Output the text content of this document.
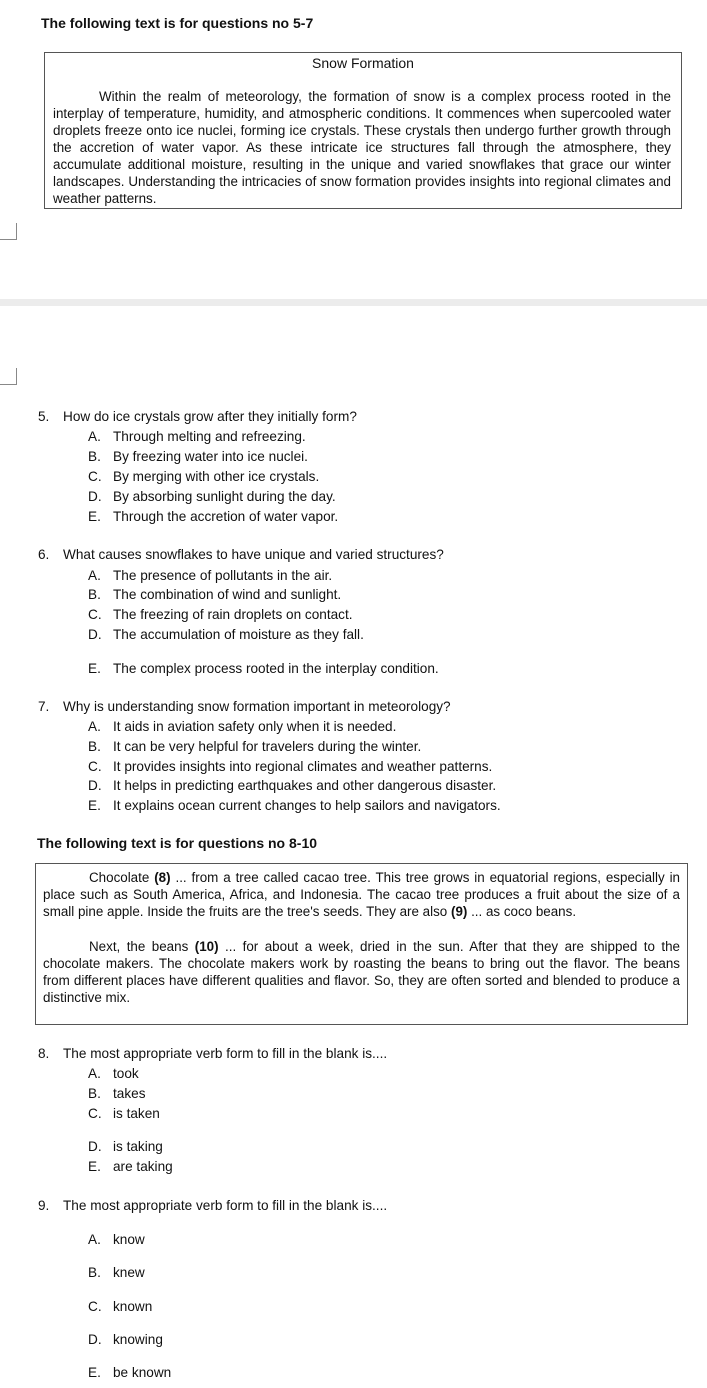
The following text is for questions no 5-7
Snow Formation

Within the realm of meteorology, the formation of snow is a complex process rooted in the interplay of temperature, humidity, and atmospheric conditions. It commences when supercooled water droplets freeze onto ice nuclei, forming ice crystals. These crystals then undergo further growth through the accretion of water vapor. As these intricate ice structures fall through the atmosphere, they accumulate additional moisture, resulting in the unique and varied snowflakes that grace our winter landscapes. Understanding the intricacies of snow formation provides insights into regional climates and weather patterns.

5. How do ice crystals grow after they initially form?
A. Through melting and refreezing.
B. By freezing water into ice nuclei.
C. By merging with other ice crystals.
D. By absorbing sunlight during the day.
E. Through the accretion of water vapor.
6. What causes snowflakes to have unique and varied structures?
A. The presence of pollutants in the air.
B. The combination of wind and sunlight.
C. The freezing of rain droplets on contact.
D. The accumulation of moisture as they fall.
E. The complex process rooted in the interplay condition.
7. Why is understanding snow formation important in meteorology?
A. It aids in aviation safety only when it is needed.
B. It can be very helpful for travelers during the winter.
C. It provides insights into regional climates and weather patterns.
D. It helps in predicting earthquakes and other dangerous disaster.
E. It explains ocean current changes to help sailors and navigators.
The following text is for questions no 8-10

Chocolate (8) ... from a tree called cacao tree. This tree grows in equatorial regions, especially in place such as South America, Africa, and Indonesia. The cacao tree produces a fruit about the size of a small pine apple. Inside the fruits are the tree's seeds. They are also (9) ... as coco beans.

Next, the beans (10) ... for about a week, dried in the sun. After that they are shipped to the chocolate makers. The chocolate makers work by roasting the beans to bring out the flavor. The beans from different places have different qualities and flavor. So, they are often sorted and blended to produce a distinctive mix.

8. The most appropriate verb form to fill in the blank is....
A. took
B. takes
C. is taken
D. is taking
E. are taking
9. The most appropriate verb form to fill in the blank is....
A. know
B. knew
C. known
D. knowing
E. be known
